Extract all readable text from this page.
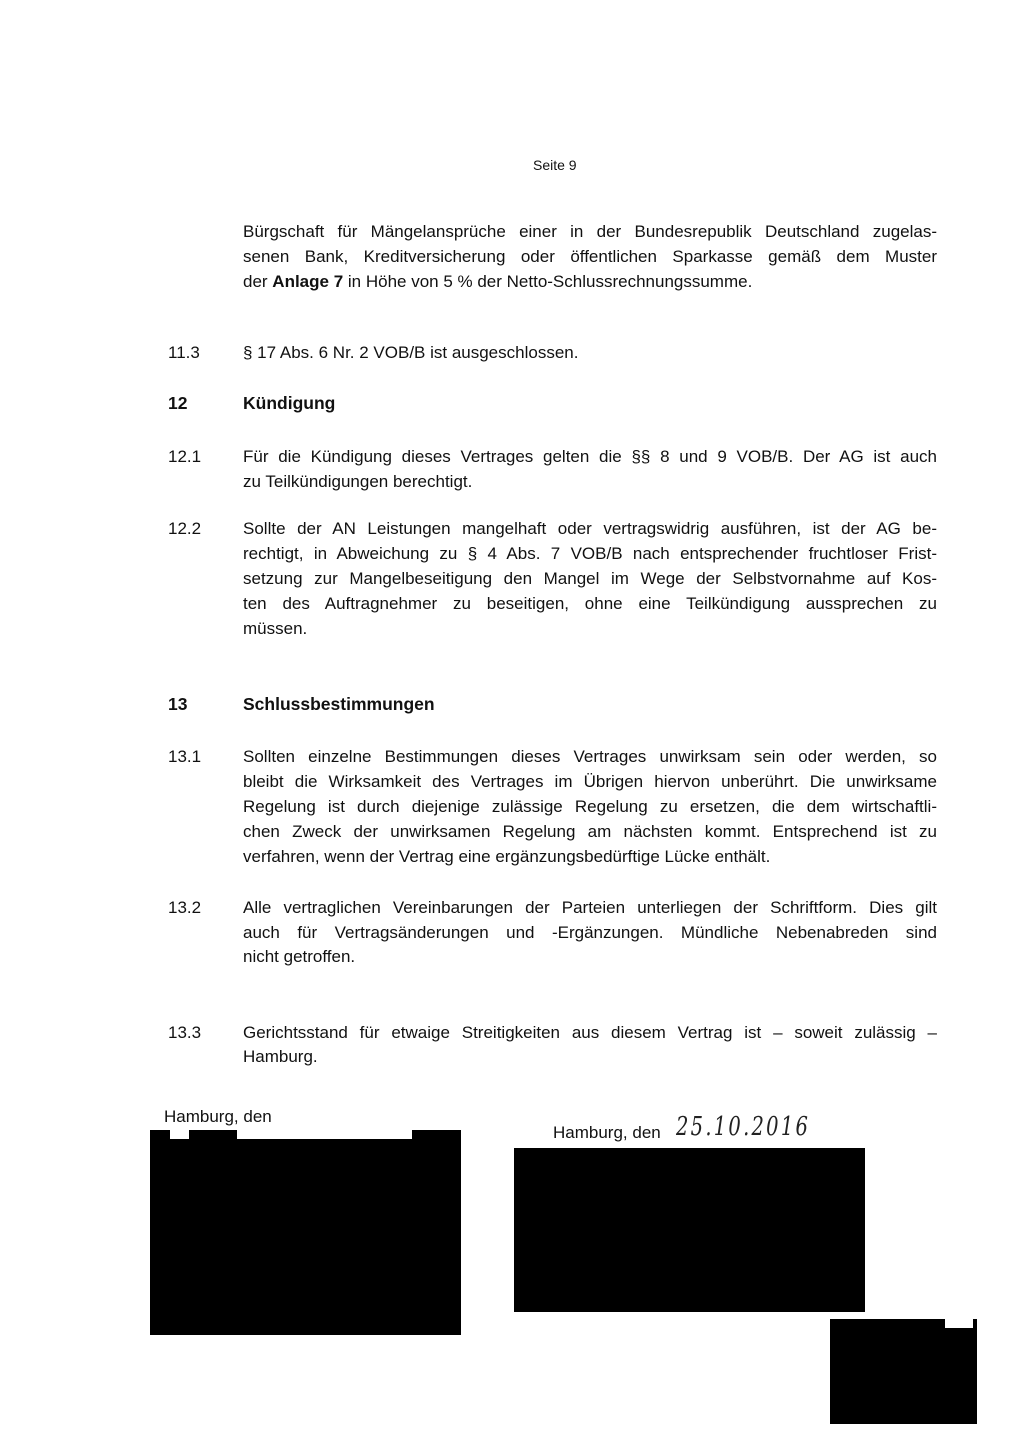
Seite 9
Bürgschaft für Mängelansprüche einer in der Bundesrepublik Deutschland zugelas-
senen Bank, Kreditversicherung oder öffentlichen Sparkasse gemäß dem Muster
der Anlage 7 in Höhe von 5 % der Netto-Schlussrechnungssumme.
11.3	§ 17 Abs. 6 Nr. 2 VOB/B ist ausgeschlossen.
12	Kündigung
12.1 Für die Kündigung dieses Vertrages gelten die §§ 8 und 9 VOB/B. Der AG ist auch
zu Teilkündigungen berechtigt.
12.2 Sollte der AN Leistungen mangelhaft oder vertragswidrig ausführen, ist der AG be-
rechtigt, in Abweichung zu § 4 Abs. 7 VOB/B nach entsprechender fruchtloser Frist-
setzung zur Mangelbeseitigung den Mangel im Wege der Selbstvornahme auf Kos-
ten des Auftragnehmer zu beseitigen, ohne eine Teilkündigung aussprechen zu
müssen.
13	Schlussbestimmungen
13.1 Sollten einzelne Bestimmungen dieses Vertrages unwirksam sein oder werden, so
bleibt die Wirksamkeit des Vertrages im Übrigen hiervon unberührt. Die unwirksame
Regelung ist durch diejenige zulässige Regelung zu ersetzen, die dem wirtschaftli-
chen Zweck der unwirksamen Regelung am nächsten kommt. Entsprechend ist zu
verfahren, wenn der Vertrag eine ergänzungsbedürftige Lücke enthält.
13.2 Alle vertraglichen Vereinbarungen der Parteien unterliegen der Schriftform. Dies gilt
auch für Vertragsänderungen und -Ergänzungen. Mündliche Nebenabreden sind
nicht getroffen.
13.3 Gerichtsstand für etwaige Streitigkeiten aus diesem Vertrag ist – soweit zulässig –
Hamburg.
Hamburg, den
Hamburg, den 25.10.2016
